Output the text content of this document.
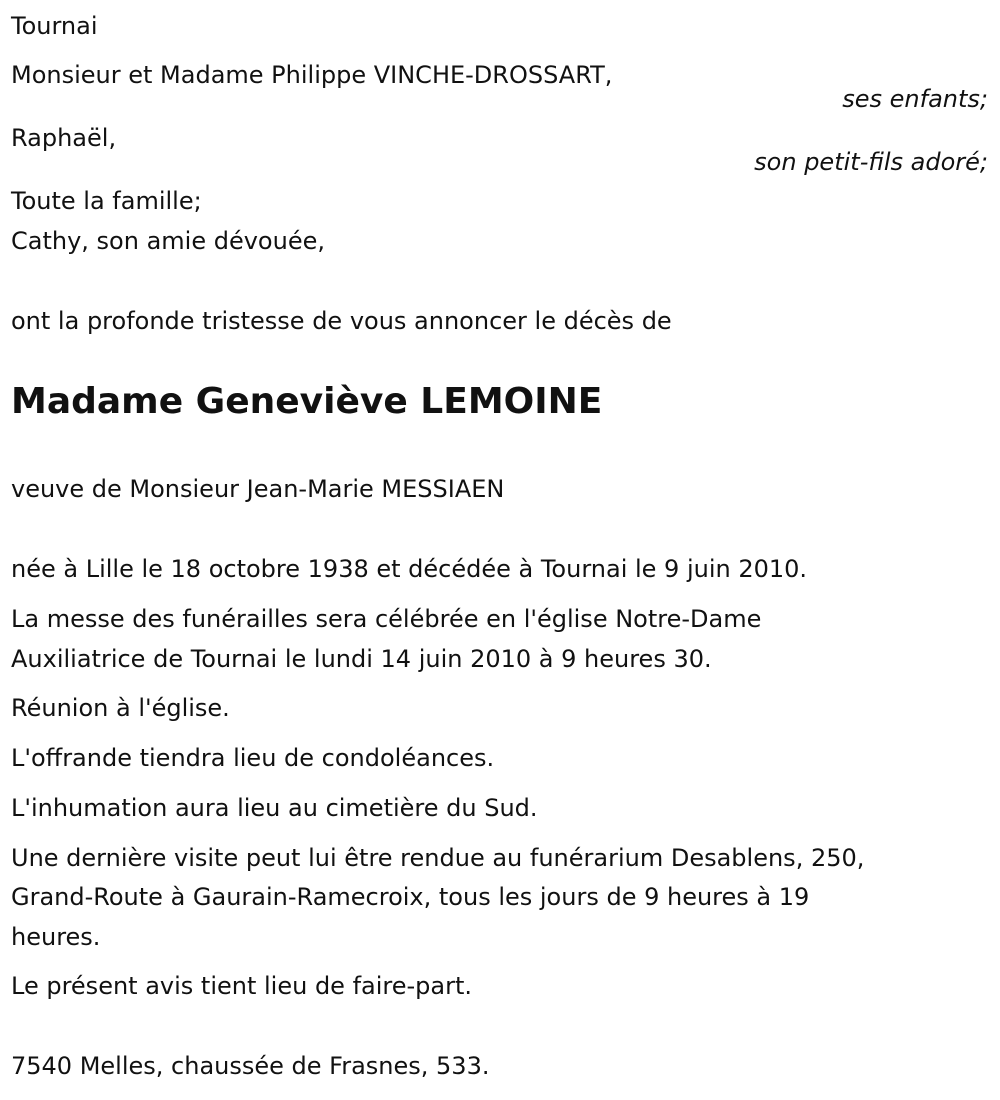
Tournai
Monsieur et Madame Philippe VINCHE-DROSSART,
ses enfants;
Raphaël,
son petit-fils adoré;
Toute la famille;
Cathy, son amie dévouée,
ont la profonde tristesse de vous annoncer le décès de
Madame Geneviève LEMOINE
veuve de Monsieur Jean-Marie MESSIAEN
née à Lille le 18 octobre 1938 et décédée à Tournai le 9 juin 2010.
La messe des funérailles sera célébrée en l'église Notre-Dame
Auxiliatrice de Tournai le lundi 14 juin 2010 à 9 heures 30.
Réunion à l'église.
L'offrande tiendra lieu de condoléances.
L'inhumation aura lieu au cimetière du Sud.
Une dernière visite peut lui être rendue au funérarium Desablens, 250,
Grand-Route à Gaurain-Ramecroix, tous les jours de 9 heures à 19
heures.
Le présent avis tient lieu de faire-part.
7540 Melles, chaussée de Frasnes, 533.
